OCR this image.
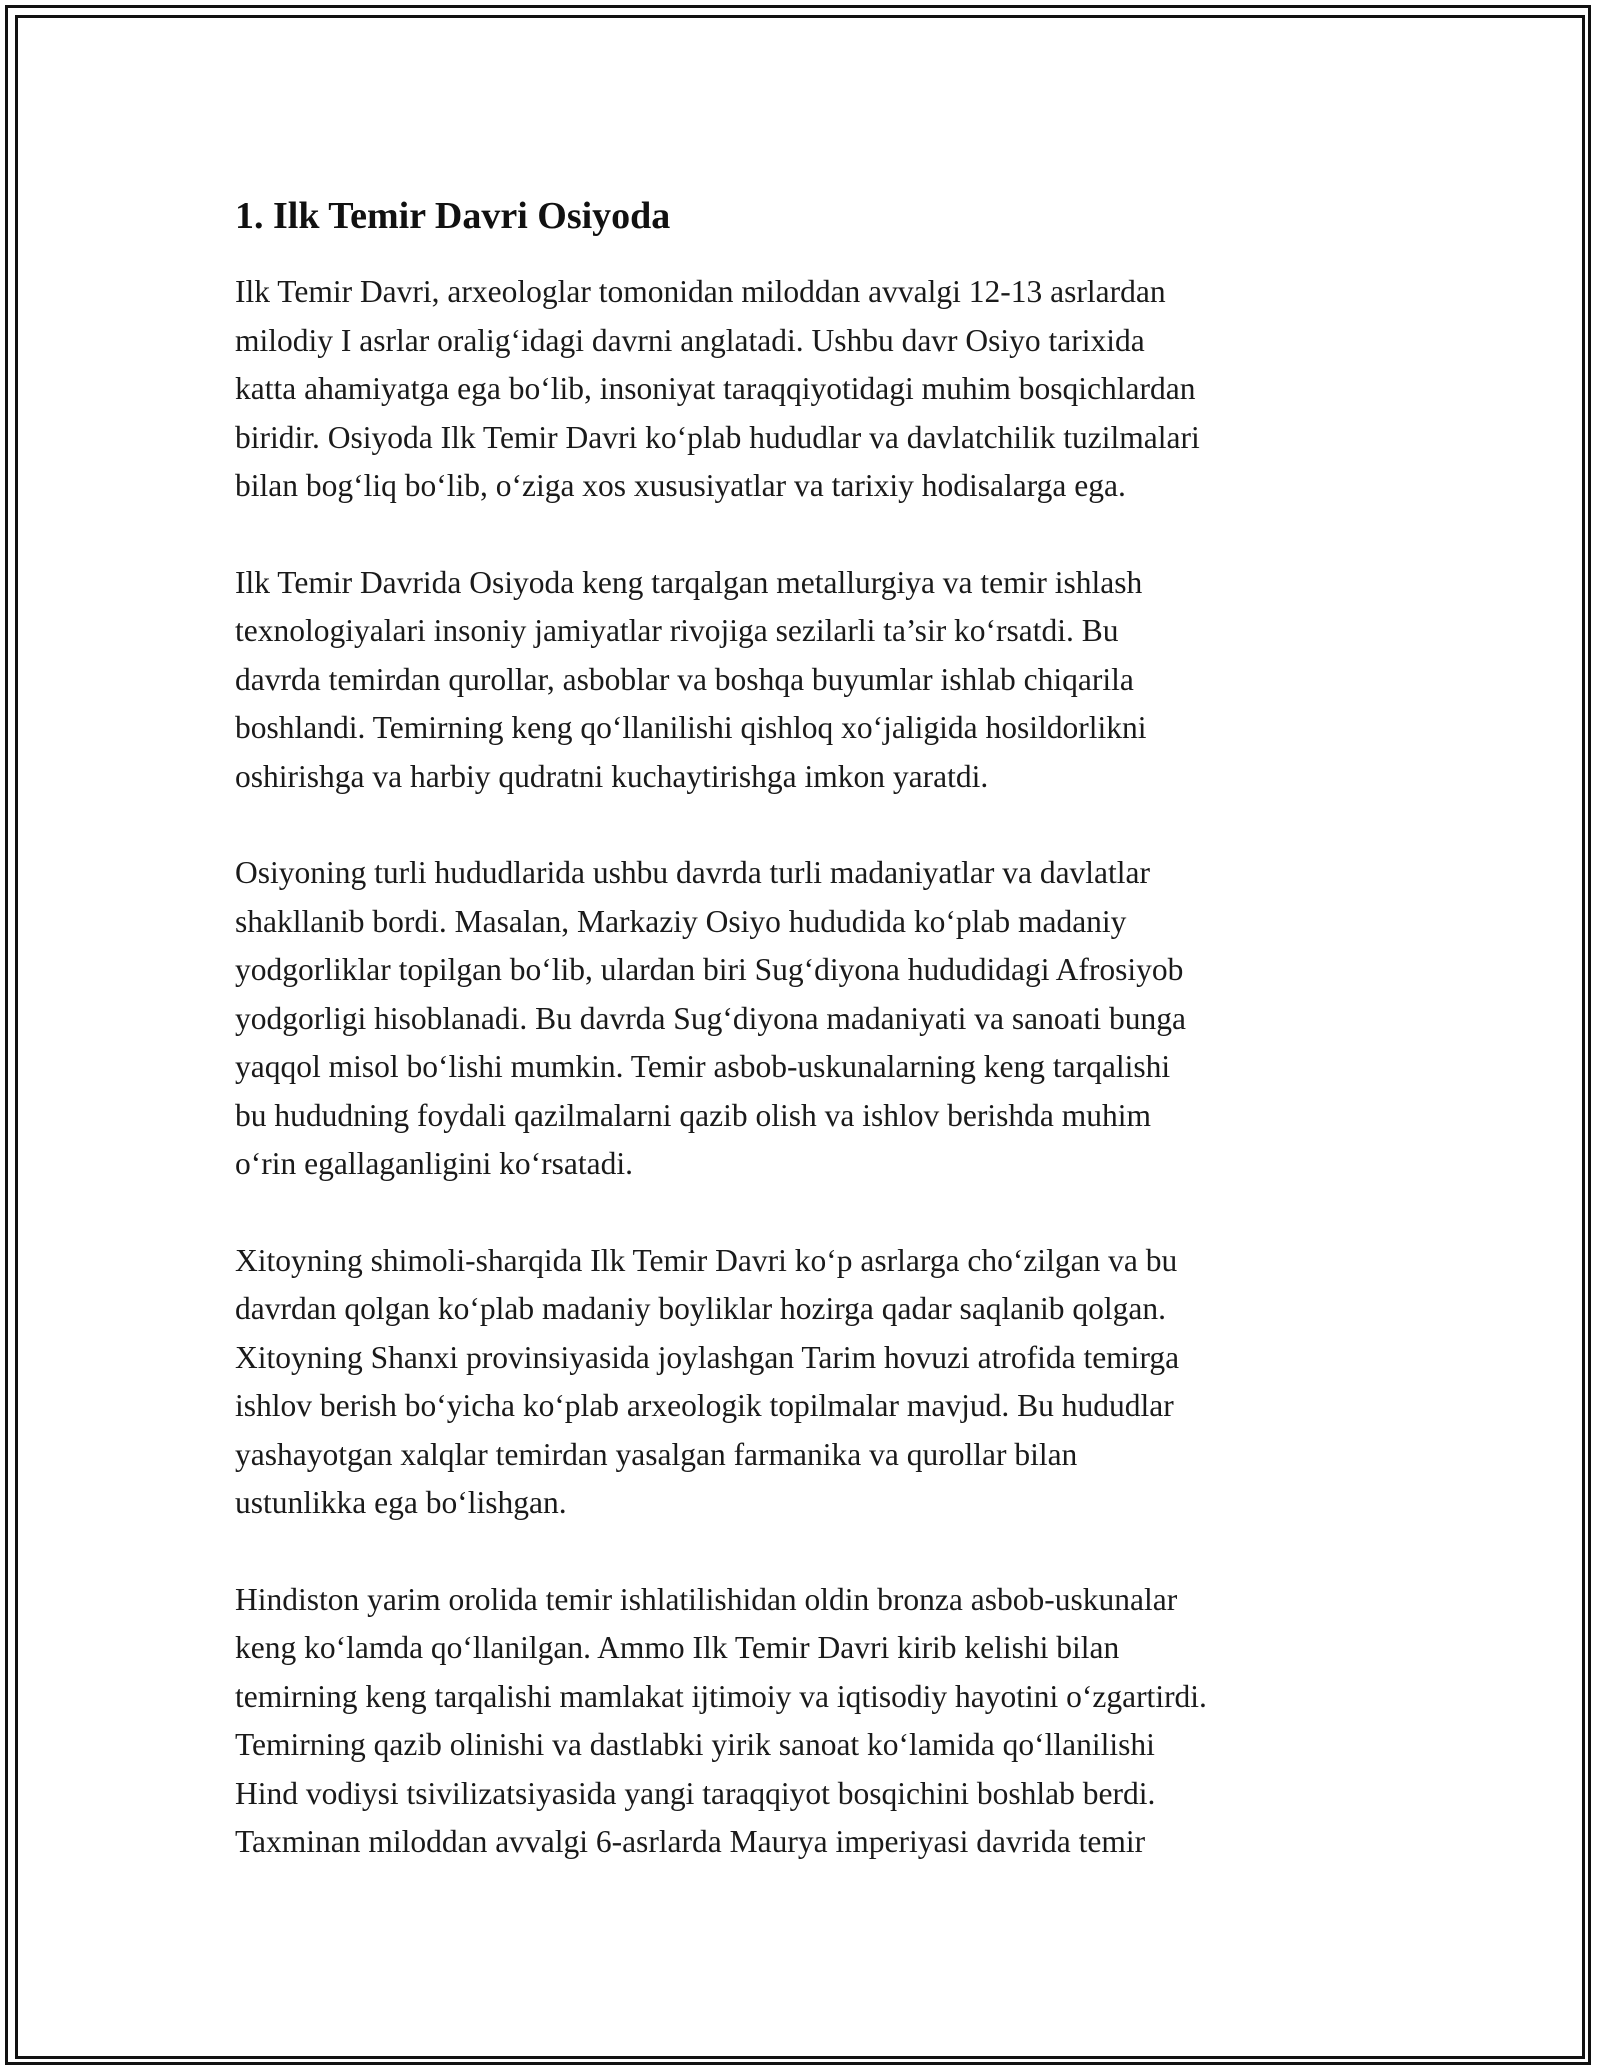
1. Ilk Temir Davri Osiyoda

Ilk Temir Davri, arxeologlar tomonidan miloddan avvalgi 12-13 asrlardan
milodiy I asrlar oralig‘idagi davrni anglatadi. Ushbu davr Osiyo tarixida
katta ahamiyatga ega bo‘lib, insoniyat taraqqiyotidagi muhim bosqichlardan
biridir. Osiyoda Ilk Temir Davri ko‘plab hududlar va davlatchilik tuzilmalari
bilan bog‘liq bo‘lib, o‘ziga xos xususiyatlar va tarixiy hodisalarga ega.

Ilk Temir Davrida Osiyoda keng tarqalgan metallurgiya va temir ishlash
texnologiyalari insoniy jamiyatlar rivojiga sezilarli ta’sir ko‘rsatdi. Bu
davrda temirdan qurollar, asboblar va boshqa buyumlar ishlab chiqarila
boshlandi. Temirning keng qo‘llanilishi qishloq xo‘jaligida hosildorlikni
oshirishga va harbiy qudratni kuchaytirishga imkon yaratdi.

Osiyoning turli hududlarida ushbu davrda turli madaniyatlar va davlatlar
shakllanib bordi. Masalan, Markaziy Osiyo hududida ko‘plab madaniy
yodgorliklar topilgan bo‘lib, ulardan biri Sug‘diyona hududidagi Afrosiyob
yodgorligi hisoblanadi. Bu davrda Sug‘diyona madaniyati va sanoati bunga
yaqqol misol bo‘lishi mumkin. Temir asbob-uskunalarning keng tarqalishi
bu hududning foydali qazilmalarni qazib olish va ishlov berishda muhim
o‘rin egallaganligini ko‘rsatadi.

Xitoyning shimoli-sharqida Ilk Temir Davri ko‘p asrlarga cho‘zilgan va bu
davrdan qolgan ko‘plab madaniy boyliklar hozirga qadar saqlanib qolgan.
Xitoyning Shanxi provinsiyasida joylashgan Tarim hovuzi atrofida temirga
ishlov berish bo‘yicha ko‘plab arxeologik topilmalar mavjud. Bu hududlar
yashayotgan xalqlar temirdan yasalgan farmanika va qurollar bilan
ustunlikka ega bo‘lishgan.

Hindiston yarim orolida temir ishlatilishidan oldin bronza asbob-uskunalar
keng ko‘lamda qo‘llanilgan. Ammo Ilk Temir Davri kirib kelishi bilan
temirning keng tarqalishi mamlakat ijtimoiy va iqtisodiy hayotini o‘zgartirdi.
Temirning qazib olinishi va dastlabki yirik sanoat ko‘lamida qo‘llanilishi
Hind vodiysi tsivilizatsiyasida yangi taraqqiyot bosqichini boshlab berdi.
Taxminan miloddan avvalgi 6-asrlarda Maurya imperiyasi davrida temir
